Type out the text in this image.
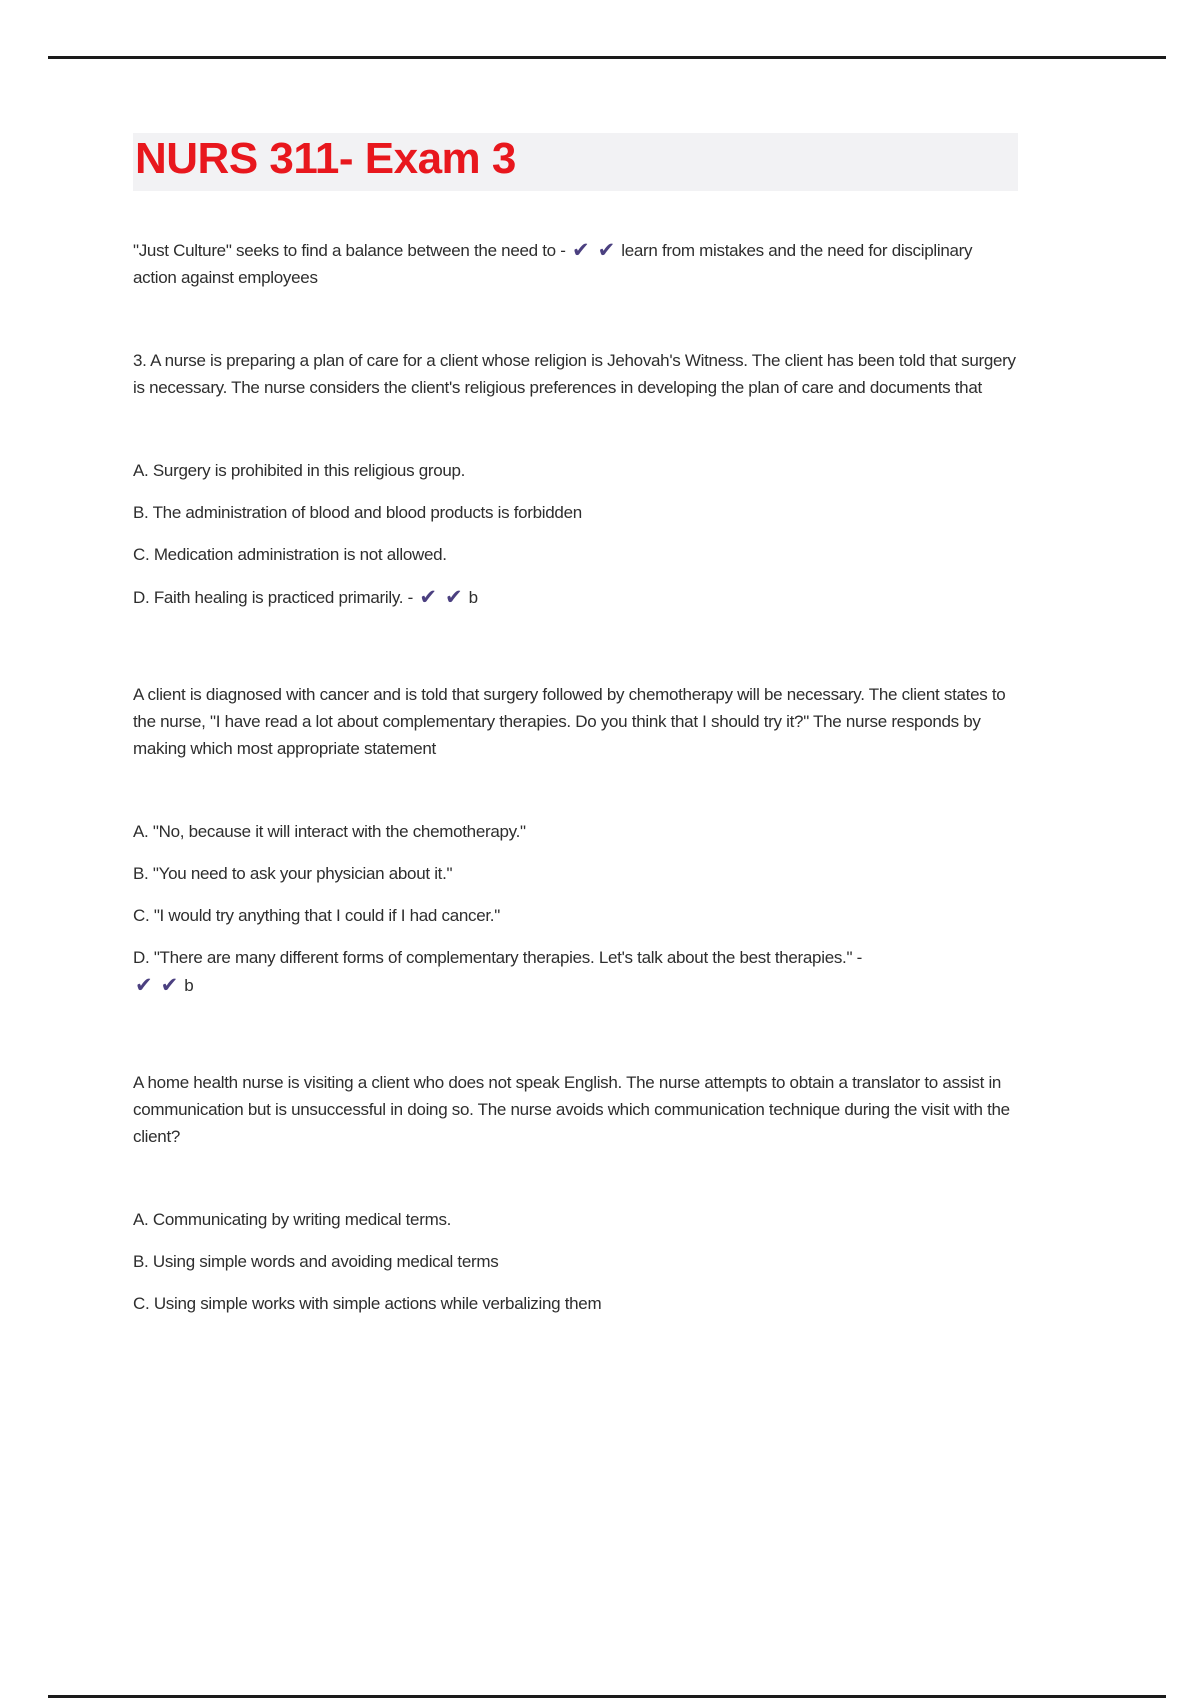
NURS 311- Exam 3

"Just Culture" seeks to find a balance between the need to - ✔ ✔ learn from mistakes and the need for disciplinary action against employees

3. A nurse is preparing a plan of care for a client whose religion is Jehovah's Witness. The client has been told that surgery is necessary. The nurse considers the client's religious preferences in developing the plan of care and documents that

A. Surgery is prohibited in this religious group.

B. The administration of blood and blood products is forbidden

C. Medication administration is not allowed.

D. Faith healing is practiced primarily. - ✔ ✔ b

A client is diagnosed with cancer and is told that surgery followed by chemotherapy will be necessary. The client states to the nurse, "I have read a lot about complementary therapies. Do you think that I should try it?" The nurse responds by making which most appropriate statement

A. "No, because it will interact with the chemotherapy."

B. "You need to ask your physician about it."

C. "I would try anything that I could if I had cancer."

D. "There are many different forms of complementary therapies. Let's talk about the best therapies." -
✔ ✔ b

A home health nurse is visiting a client who does not speak English. The nurse attempts to obtain a translator to assist in communication but is unsuccessful in doing so. The nurse avoids which communication technique during the visit with the client?

A. Communicating by writing medical terms.

B. Using simple words and avoiding medical terms

C. Using simple works with simple actions while verbalizing them
